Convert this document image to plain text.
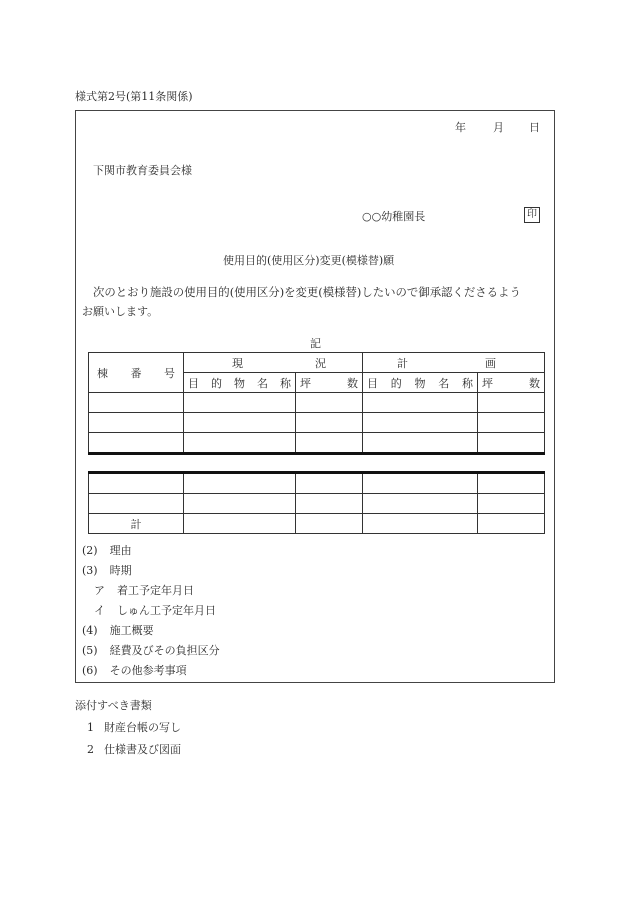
様式第2号(第11条関係)
年 月 日
下関市教育委員会様
○○幼稚園長	印
使用目的(使用区分)変更(模様替)願
次のとおり施設の使用目的(使用区分)を変更(模様替)したいので御承認くださるよう
お願いします。
記
棟 番 号	現 況		計 画	

	目 的 物 名 称	坪 数	目 的 物 名 称	坪 数

計				
(2) 理由
(3) 時期
ア 着工予定年月日
イ しゅん工予定年月日
(4) 施工概要
(5) 経費及びその負担区分
(6) その他参考事項
添付すべき書類
1 財産台帳の写し
2 仕様書及び図面
